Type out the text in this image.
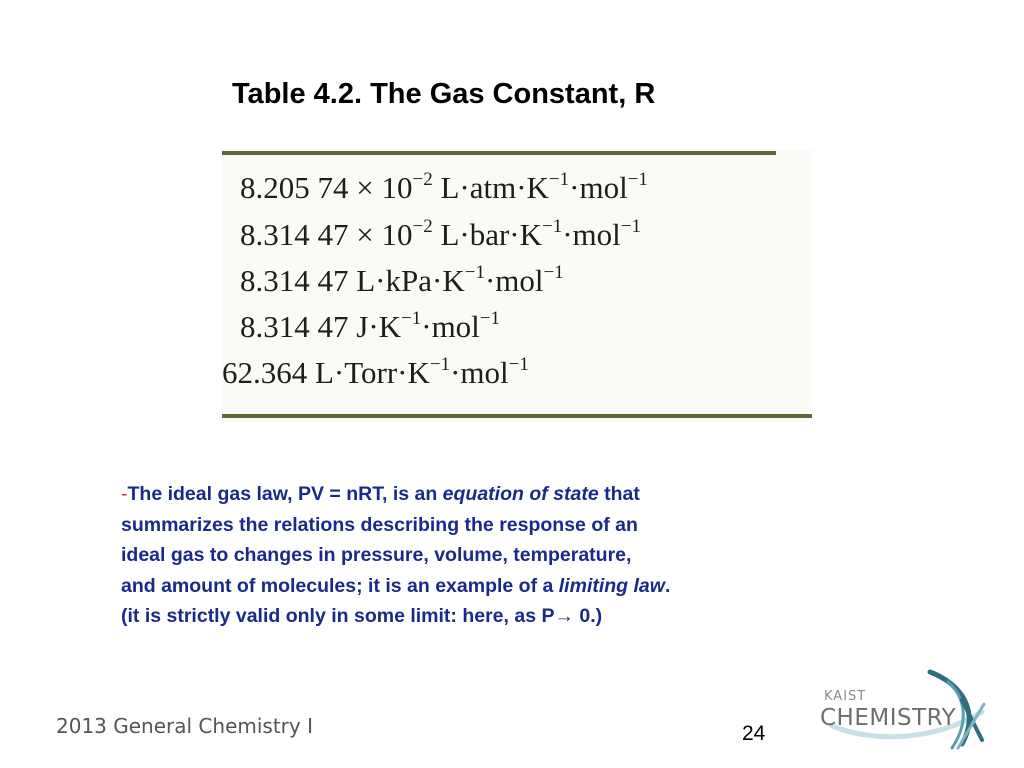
Table 4.2. The Gas Constant, R
8.205 $74 \times 10^{-2}$ $L\cdot atm\cdot K^{-1}\cdot mol^{-1}$
8.314 $47 \times 10^{-2}$ $L\cdot bar\cdot K^{-1}\cdot mol^{-1}$
8.314 47 $L\cdot kPa\cdot K^{-1}\cdot mol^{-1}$
8.314 47 $J\cdot K^{-1}\cdot mol^{-1}$
62.364 $L\cdot Torr\cdot K^{-1}\cdot mol^{-1}$
-The ideal gas law, PV = nRT, is an equation of state that
summarizes the relations describing the response of an
ideal gas to changes in pressure, volume, temperature,
and amount of molecules; it is an example of a limiting law.
(it is strictly valid only in some limit: here, as P→ 0.)
2013 General Chemistry I	24
KAIST
CHEMISTRY
